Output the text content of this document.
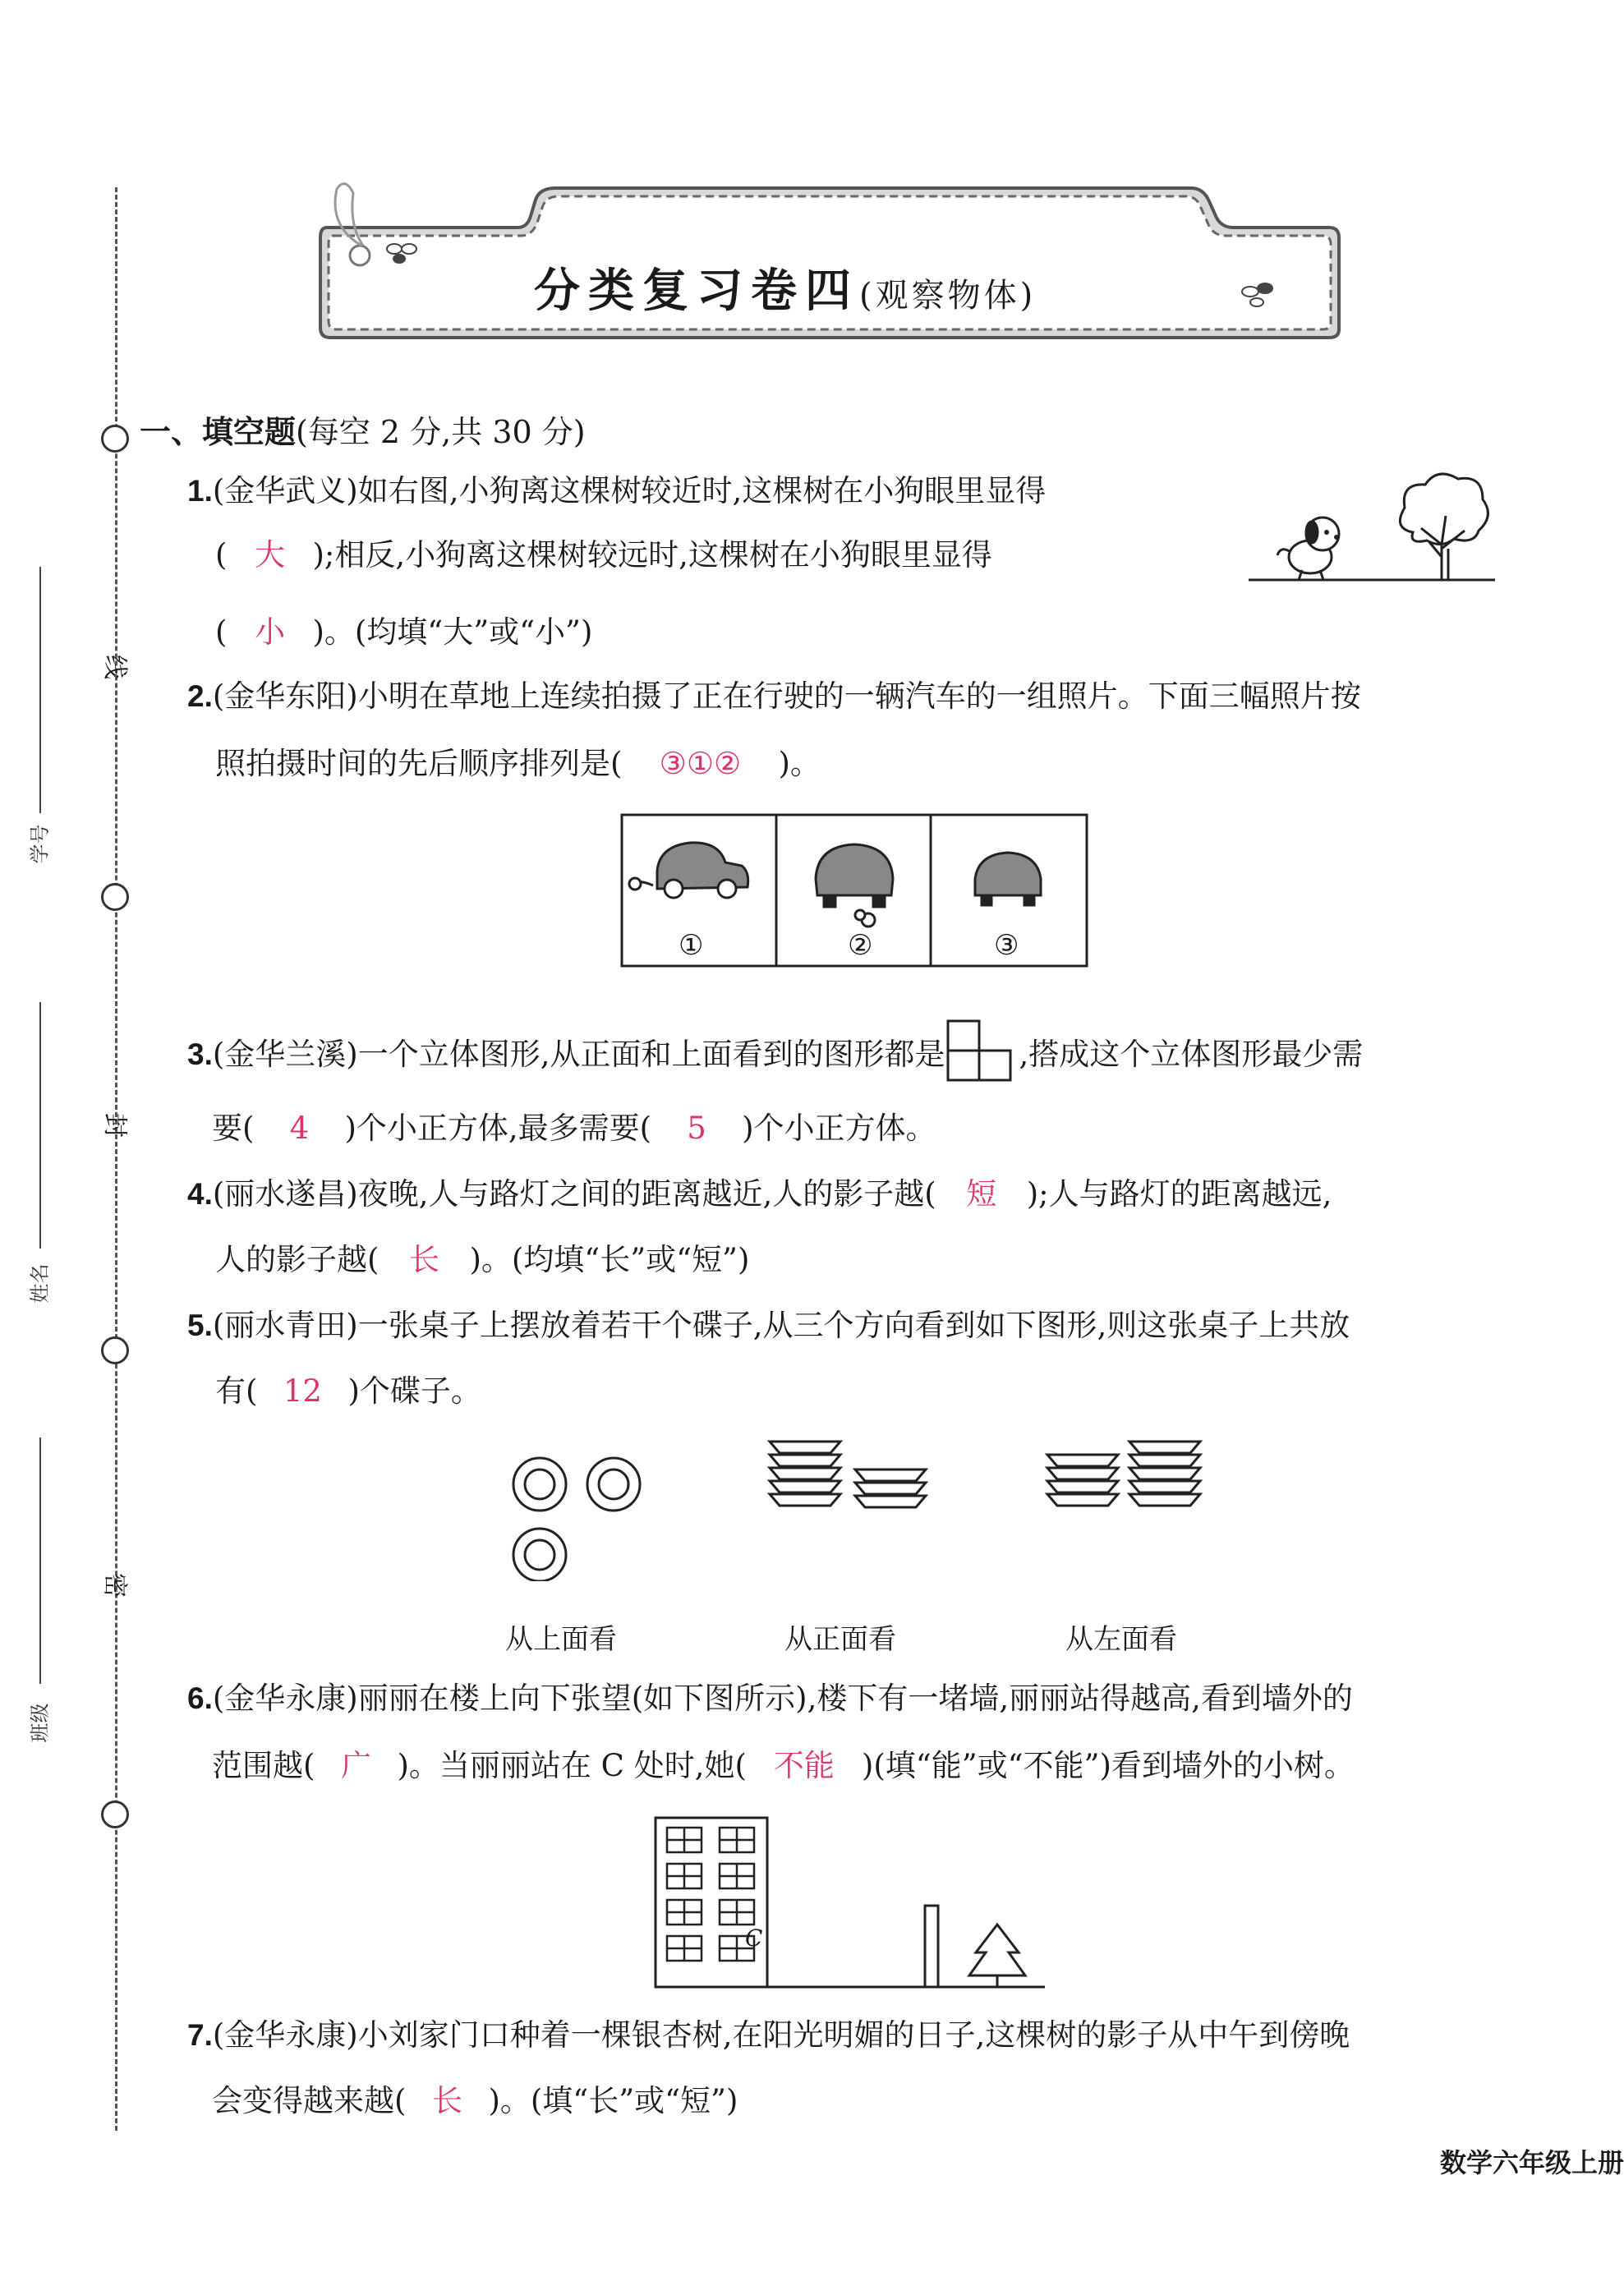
分类复习卷四(观察物体)
线
封
密
学号
姓名
班级
一、填空题(每空 2 分,共 30 分)
1.(金华武义)如右图,小狗离这棵树较近时,这棵树在小狗眼里显得
( 大 );相反,小狗离这棵树较远时,这棵树在小狗眼里显得
( 小 )。(均填“大”或“小”)
2.(金华东阳)小明在草地上连续拍摄了正在行驶的一辆汽车的一组照片。下面三幅照片按
照拍摄时间的先后顺序排列是( ③①② )。
①	②	③
3.(金华兰溪)一个立体图形,从正面和上面看到的图形都是 ,搭成这个立体图形最少需
要( 4 )个小正方体,最多需要( 5 )个小正方体。
4.(丽水遂昌)夜晚,人与路灯之间的距离越近,人的影子越( 短 );人与路灯的距离越远,
人的影子越( 长 )。(均填“长”或“短”)
5.(丽水青田)一张桌子上摆放着若干个碟子,从三个方向看到如下图形,则这张桌子上共放
有( 12 )个碟子。
从上面看	从正面看	从左面看
6.(金华永康)丽丽在楼上向下张望(如下图所示),楼下有一堵墙,丽丽站得越高,看到墙外的
范围越( 广 )。当丽丽站在 C 处时,她( 不能 )(填“能”或“不能”)看到墙外的小树。
C
7.(金华永康)小刘家门口种着一棵银杏树,在阳光明媚的日子,这棵树的影子从中午到傍晚
会变得越来越( 长 )。(填“长”或“短”)
数学六年级上册
